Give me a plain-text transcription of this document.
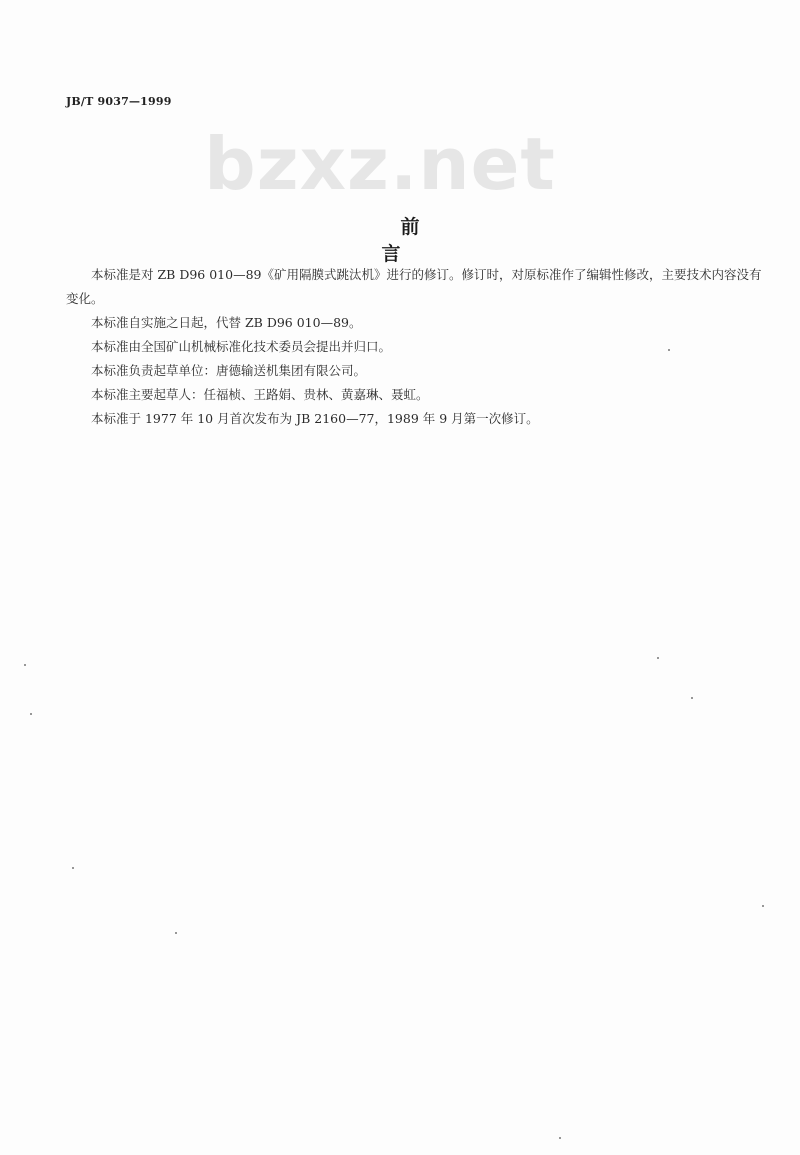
JB/T 9037—1999
bzxz.net
前言

本标准是对 ZB D96 010—89《矿用隔膜式跳汰机》进行的修订。修订时，对原标准作了编辑性修改，主要技术内容没有变化。

本标准自实施之日起，代替 ZB D96 010—89。

本标准由全国矿山机械标准化技术委员会提出并归口。

本标准负责起草单位：唐德输送机集团有限公司。

本标准主要起草人：任福桢、王路娟、贵林、黄嘉琳、聂虹。

本标准于 1977 年 10 月首次发布为 JB 2160—77，1989 年 9 月第一次修订。
